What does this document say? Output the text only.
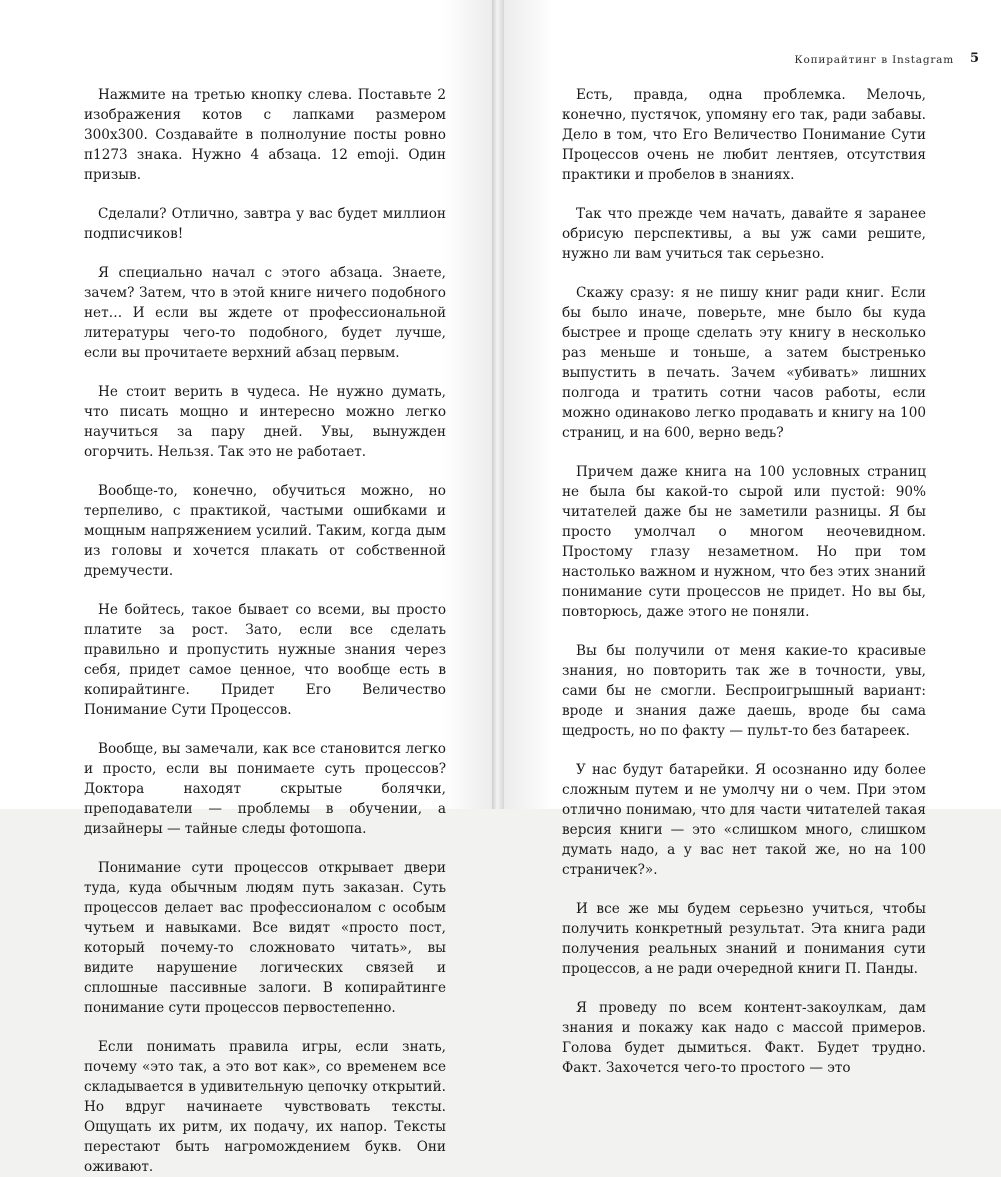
Нажмите на третью кнопку слева. Поставьте 2 изображения котов с лапками размером 300х300. Создавайте в полнолуние посты ровно п1273 знака. Нужно 4 абзаца. 12 emoji. Один призыв.

Сделали? Отлично, завтра у вас будет миллион подписчиков!

Я специально начал с этого абзаца. Знаете, зачем? Затем, что в этой книге ничего подобного нет… И если вы ждете от профессиональной литературы чего-то подобного, будет лучше, если вы прочитаете верхний абзац первым.

Не стоит верить в чудеса. Не нужно думать, что писать мощно и интересно можно легко научиться за пару дней. Увы, вынужден огорчить. Нельзя. Так это не работает.

Вообще-то, конечно, обучиться можно, но терпеливо, с практикой, частыми ошибками и мощным напряжением усилий. Таким, когда дым из головы и хочется плакать от собственной дремучести.

Не бойтесь, такое бывает со всеми, вы просто платите за рост. Зато, если все сделать правильно и пропустить нужные знания через себя, придет самое ценное, что вообще есть в копирайтинге. Придет Его Величество Понимание Сути Процессов.

Вообще, вы замечали, как все становится легко и просто, если вы понимаете суть процессов? Доктора находят скрытые болячки, преподаватели — проблемы в обучении, а дизайнеры — тайные следы фотошопа.

Понимание сути процессов открывает двери туда, куда обычным людям путь заказан. Суть процессов делает вас профессионалом с особым чутьем и навыками. Все видят «просто пост, который почему-то сложновато читать», вы видите нарушение логических связей и сплошные пассивные залоги. В копирайтинге понимание сути процессов первостепенно.

Если понимать правила игры, если знать, почему «это так, а это вот как», со временем все складывается в удивительную цепочку открытий. Но вдруг начинаете чувствовать тексты. Ощущать их ритм, их подачу, их напор. Тексты перестают быть нагромождением букв. Они оживают.

Копирайтинг в Instagram 5

Есть, правда, одна проблемка. Мелочь, конечно, пустячок, упомяну его так, ради забавы. Дело в том, что Его Величество Понимание Сути Процессов очень не любит лентяев, отсутствия практики и пробелов в знаниях.

Так что прежде чем начать, давайте я заранее обрисую перспективы, а вы уж сами решите, нужно ли вам учиться так серьезно.

Скажу сразу: я не пишу книг ради книг. Если бы было иначе, поверьте, мне было бы куда быстрее и проще сделать эту книгу в несколько раз меньше и тоньше, а затем быстренько выпустить в печать. Зачем «убивать» лишних полгода и тратить сотни часов работы, если можно одинаково легко продавать и книгу на 100 страниц, и на 600, верно ведь?

Причем даже книга на 100 условных страниц не была бы какой-то сырой или пустой: 90% читателей даже бы не заметили разницы. Я бы просто умолчал о многом неочевидном. Простому глазу незаметном. Но при том настолько важном и нужном, что без этих знаний понимание сути процессов не придет. Но вы бы, повторюсь, даже этого не поняли.

Вы бы получили от меня какие-то красивые знания, но повторить так же в точности, увы, сами бы не смогли. Беспроигрышный вариант: вроде и знания даже даешь, вроде бы сама щедрость, но по факту — пульт-то без батареек.

У нас будут батарейки. Я осознанно иду более сложным путем и не умолчу ни о чем. При этом отлично понимаю, что для части читателей такая версия книги — это «слишком много, слишком думать надо, а у вас нет такой же, но на 100 страничек?».

И все же мы будем серьезно учиться, чтобы получить конкретный результат. Эта книга ради получения реальных знаний и понимания сути процессов, а не ради очередной книги П. Панды.

Я проведу по всем контент-закоулкам, дам знания и покажу как надо с массой примеров. Голова будет дымиться. Факт. Будет трудно. Факт. Захочется чего-то простого — это
